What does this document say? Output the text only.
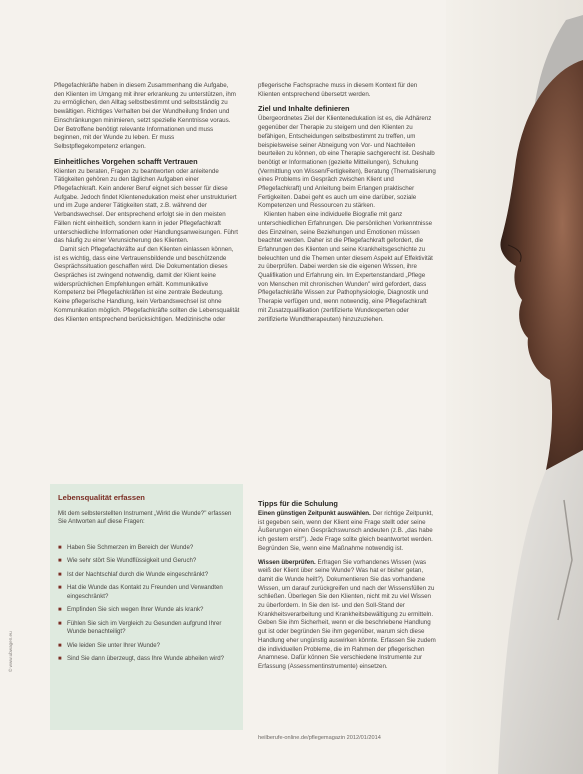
Pflegefachkräfte haben in diesem Zusammenhang die Aufgabe, den Klienten im Umgang mit ihrer erkrankung zu unterstützen, ihm zu ermöglichen, den Alltag selbstbestimmt und selbstständig zu bewältigen. Richtiges Verhalten bei der Wundheilung finden und Einschränkungen minimieren, setzt spezielle Kenntnisse voraus. Der Betroffene benötigt relevante Informationen und muss beginnen, mit der Wunde zu leben. Er muss Selbstpflegekompetenz erlangen.

Einheitliches Vorgehen schafft Vertrauen

Klienten zu beraten, Fragen zu beantworten oder anleitende Tätigkeiten gehören zu den täglichen Aufgaben einer Pflegefachkraft. Kein anderer Beruf eignet sich besser für diese Aufgabe. Jedoch findet Klientenedukation meist eher unstrukturiert und im Zuge anderer Tätigkeiten statt, z.B. während der Verbandswechsel. Der entsprechend erfolgt sie in den meisten Fällen nicht einheitlich, sondern kann in jeder Pflegefachkraft unterschiedliche Informationen oder Handlungsanweisungen. Führt das häufig zu einer Verunsicherung des Klienten.

Damit sich Pflegefachkräfte auf den Klienten einlassen können, ist es wichtig, dass eine Vertrauensbildende und beschützende Gesprächssituation geschaffen wird. Die Dokumentation dieses Gespräches ist zwingend notwendig, damit der Klient keine widersprüchlichen Empfehlungen erhält. Kommunikative Kompetenz bei Pflegefachkräften ist eine zentrale Bedeutung. Keine pflegerische Handlung, kein Verbandswechsel ist ohne Kommunikation möglich. Pflegefachkräfte sollten die Lebensqualität des Klienten entsprechend berücksichtigen. Medizinische oder

Lebensqualität erfassen
Mit dem selbsterstellten Instrument „Wirkt die Wunde?" erfassen Sie Antworten auf diese Fragen:
■ Haben Sie Schmerzen im Bereich der Wunde?
■ Wie sehr stört Sie Wundflüssigkeit und Geruch?
■ Ist der Nachtschlaf durch die Wunde eingeschränkt?
■ Hat die Wunde das Kontakt zu Freunden und Verwandten eingeschränkt?
■ Empfinden Sie sich wegen Ihrer Wunde als krank?
■ Fühlen Sie sich im Vergleich zu Gesunden aufgrund Ihrer Wunde benachteiligt?
■ Wie leiden Sie unter Ihrer Wunde?
■ Sind Sie dann überzeugt, dass Ihre Wunde abheilen wird?

pflegerische Fachsprache muss in diesem Kontext für den Klienten entsprechend übersetzt werden.

Ziel und Inhalte definieren

Übergeordnetes Ziel der Klientenedukation ist es, die Adhärenz gegenüber der Therapie zu steigern und den Klienten zu befähigen, Entscheidungen selbstbestimmt zu treffen, um beispielsweise seiner Abneigung von Vor- und Nachteilen beurteilen zu können, ob eine Therapie sachgerecht ist. Deshalb benötigt er Informationen (gezielte Mitteilungen), Schulung (Vermittlung von Wissen/Fertigkeiten), Beratung (Thematisierung eines Problems im Gespräch zwischen Klient und Pflegefachkraft) und Anleitung beim Erlangen praktischer Fertigkeiten. Dabei geht es auch um eine darüber, soziale Kompetenzen und Ressourcen zu stärken.

Klienten haben eine individuelle Biografie mit ganz unterschiedlichen Erfahrungen. Die persönlichen Vorkenntnisse des Einzelnen, seine Beziehungen und Emotionen müssen beachtet werden. Daher ist die Pflegefachkraft gefordert, die Erfahrungen des Klienten und seine Krankheitsgeschichte zu beleuchten und die Themen unter diesem Aspekt auf Effektivität zu überprüfen. Dabei werden sie die eigenen Wissen, ihre Qualifikation und Erfahrung ein. Im Expertenstandard „Pflege von Menschen mit chronischen Wunden" wird gefordert, dass Pflegefachkräfte Wissen zur Pathophysiologie, Diagnostik und Therapie verfügen und, wenn notwendig, eine Pflegefachkraft mit Zusatzqualifikation (zertifizierte Wundexperten oder zertifizierte Wundtherapeuten) hinzuzuziehen.

Tipps für die Schulung

Einen günstigen Zeitpunkt auswählen. Der richtige Zeitpunkt, ist gegeben sein, wenn der Klient eine Frage stellt oder seine Äußerungen einen Gesprächswunsch andeuten (z.B. „das habe ich gestern erst!"). Jede Frage sollte gleich beantwortet werden. Begründen Sie, wenn eine Maßnahme notwendig ist.

Wissen überprüfen. Erfragen Sie vorhandenes Wissen (was weiß der Klient über seine Wunde? Was hat er bisher getan, damit die Wunde heilt?). Dokumentieren Sie das vorhandene Wissen, um darauf zurückgreifen und nach der Wissensfüllen zu schließen. Überlegen Sie den Klienten, nicht mit zu viel Wissen zu überfordern. In Sie den Ist- und den Soll-Stand der Krankheitsverarbeitung und Krankheitsbewältigung zu ermitteln. Geben Sie ihm Sicherheit, wenn er die beschriebene Handlung gut ist oder begründen Sie ihm gegenüber, warum sich diese Handlung eher ungünstig auswirken könnte. Erfassen Sie zudem die individuellen Probleme, die im Rahmen der pflegerischen Anamnese. Dafür können Sie verschiedene Instrumente zur Erfassung (Assessmentinstrumente) einsetzen.

heilberufe-online.de/pflegemagazin 2012/01/2014
© www.ubwagen.eu
